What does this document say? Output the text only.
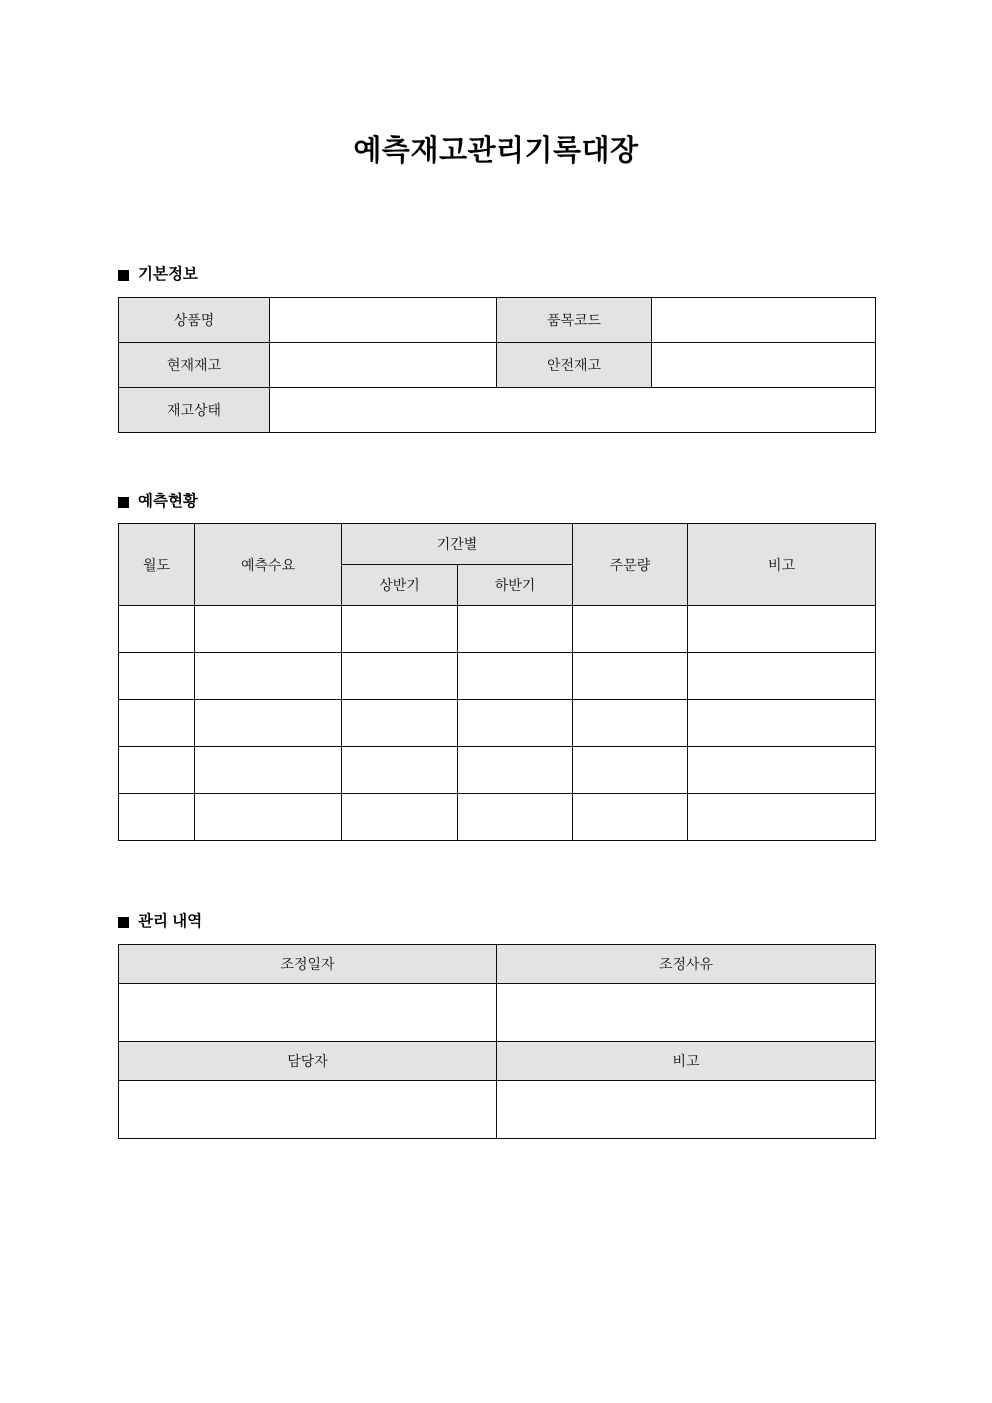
예측재고관리기록대장
기본정보
상품명		품목코드	
현재재고		안전재고	
재고상태			
예측현황
월도	예측수요	기간별		주문량	비고
		상반기	하반기		

관리 내역
조정일자	조정사유

담당자	비고
